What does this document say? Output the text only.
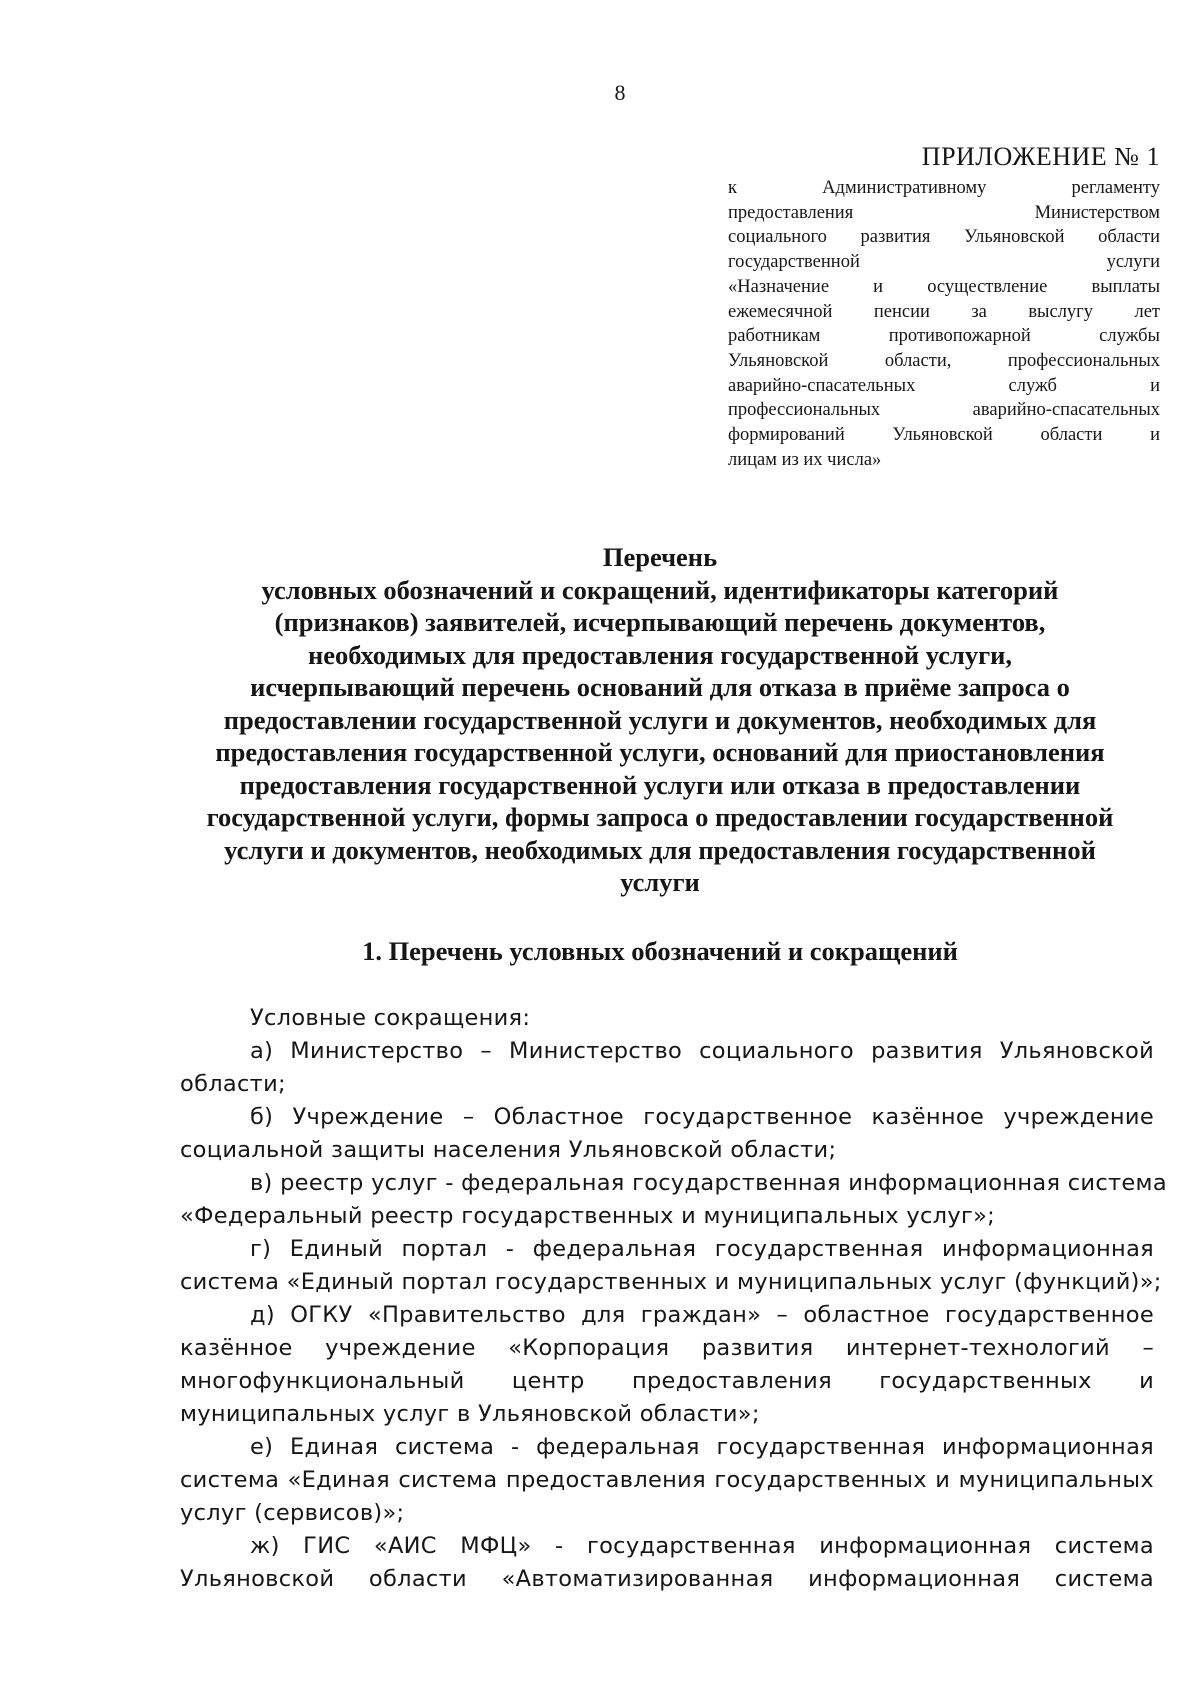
8
ПРИЛОЖЕНИЕ № 1
к Административному регламенту
предоставления Министерством
социального развития Ульяновской области
государственной услуги
«Назначение и осуществление выплаты
ежемесячной пенсии за выслугу лет
работникам противопожарной службы
Ульяновской области, профессиональных
аварийно-спасательных служб и
профессиональных аварийно-спасательных
формирований Ульяновской области и
лицам из их числа»
Перечень
условных обозначений и сокращений, идентификаторы категорий
(признаков) заявителей, исчерпывающий перечень документов,
необходимых для предоставления государственной услуги,
исчерпывающий перечень оснований для отказа в приёме запроса о
предоставлении государственной услуги и документов, необходимых для
предоставления государственной услуги, оснований для приостановления
предоставления государственной услуги или отказа в предоставлении
государственной услуги, формы запроса о предоставлении государственной
услуги и документов, необходимых для предоставления государственной
услуги
1. Перечень условных обозначений и сокращений
Условные сокращения:
а) Министерство – Министерство социального развития Ульяновской
области;
б) Учреждение – Областное государственное казённое учреждение
социальной защиты населения Ульяновской области;
в) реестр услуг - федеральная государственная информационная система
«Федеральный реестр государственных и муниципальных услуг»;
г) Единый портал - федеральная государственная информационная
система «Единый портал государственных и муниципальных услуг (функций)»;
д) ОГКУ «Правительство для граждан» – областное государственное
казённое учреждение «Корпорация развития интернет-технологий –
многофункциональный центр предоставления государственных и
муниципальных услуг в Ульяновской области»;
е) Единая система - федеральная государственная информационная
система «Единая система предоставления государственных и муниципальных
услуг (сервисов)»;
ж) ГИС «АИС МФЦ» - государственная информационная система
Ульяновской области «Автоматизированная информационная система
